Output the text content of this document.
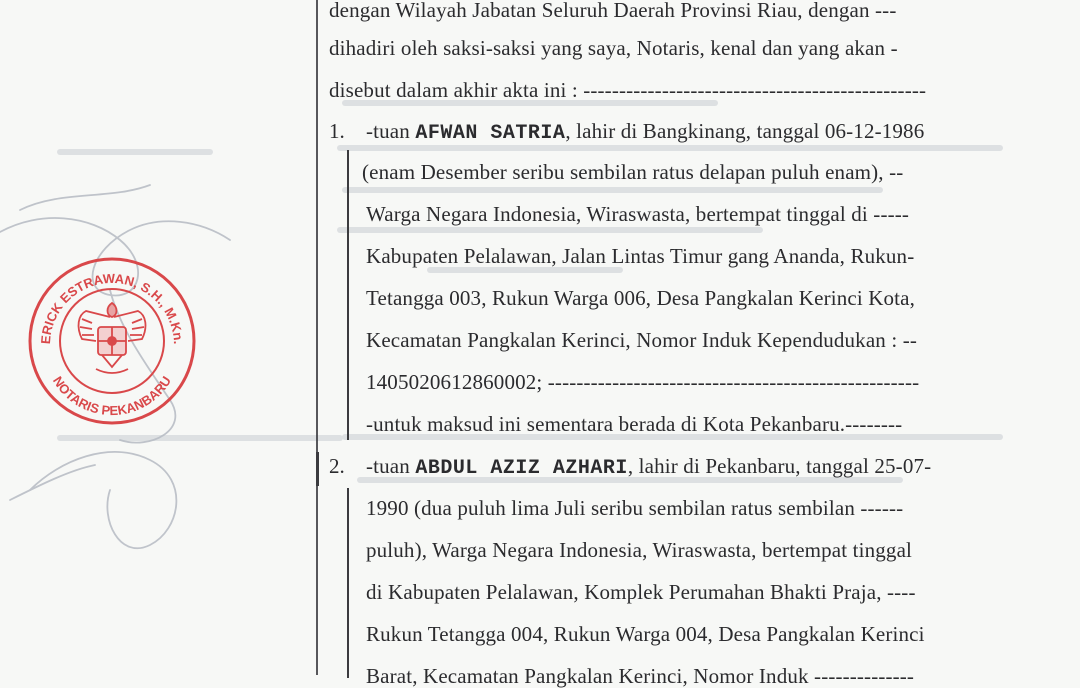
dengan Wilayah Jabatan Seluruh Daerah Provinsi Riau, dengan ---
dihadiri oleh saksi-saksi yang saya, Notaris, kenal dan yang akan -
disebut dalam akhir akta ini : ------------------------------------------------
1. -tuan AFWAN SATRIA, lahir di Bangkinang, tanggal 06-12-1986
(enam Desember seribu sembilan ratus delapan puluh enam), --
Warga Negara Indonesia, Wiraswasta, bertempat tinggal di -----
Kabupaten Pelalawan, Jalan Lintas Timur gang Ananda, Rukun-
Tetangga 003, Rukun Warga 006, Desa Pangkalan Kerinci Kota,
Kecamatan Pangkalan Kerinci, Nomor Induk Kependudukan : --
1405020612860002; ----------------------------------------------------
-untuk maksud ini sementara berada di Kota Pekanbaru.--------
2. -tuan ABDUL AZIZ AZHARI, lahir di Pekanbaru, tanggal 25-07-
1990 (dua puluh lima Juli seribu sembilan ratus sembilan ------
puluh), Warga Negara Indonesia, Wiraswasta, bertempat tinggal
di Kabupaten Pelalawan, Komplek Perumahan Bhakti Praja, ----
Rukun Tetangga 004, Rukun Warga 004, Desa Pangkalan Kerinci
Barat, Kecamatan Pangkalan Kerinci, Nomor Induk --------------
ERICK ESTRAWAN, S.H., M.Kn.
NOTARIS PEKANBARU
